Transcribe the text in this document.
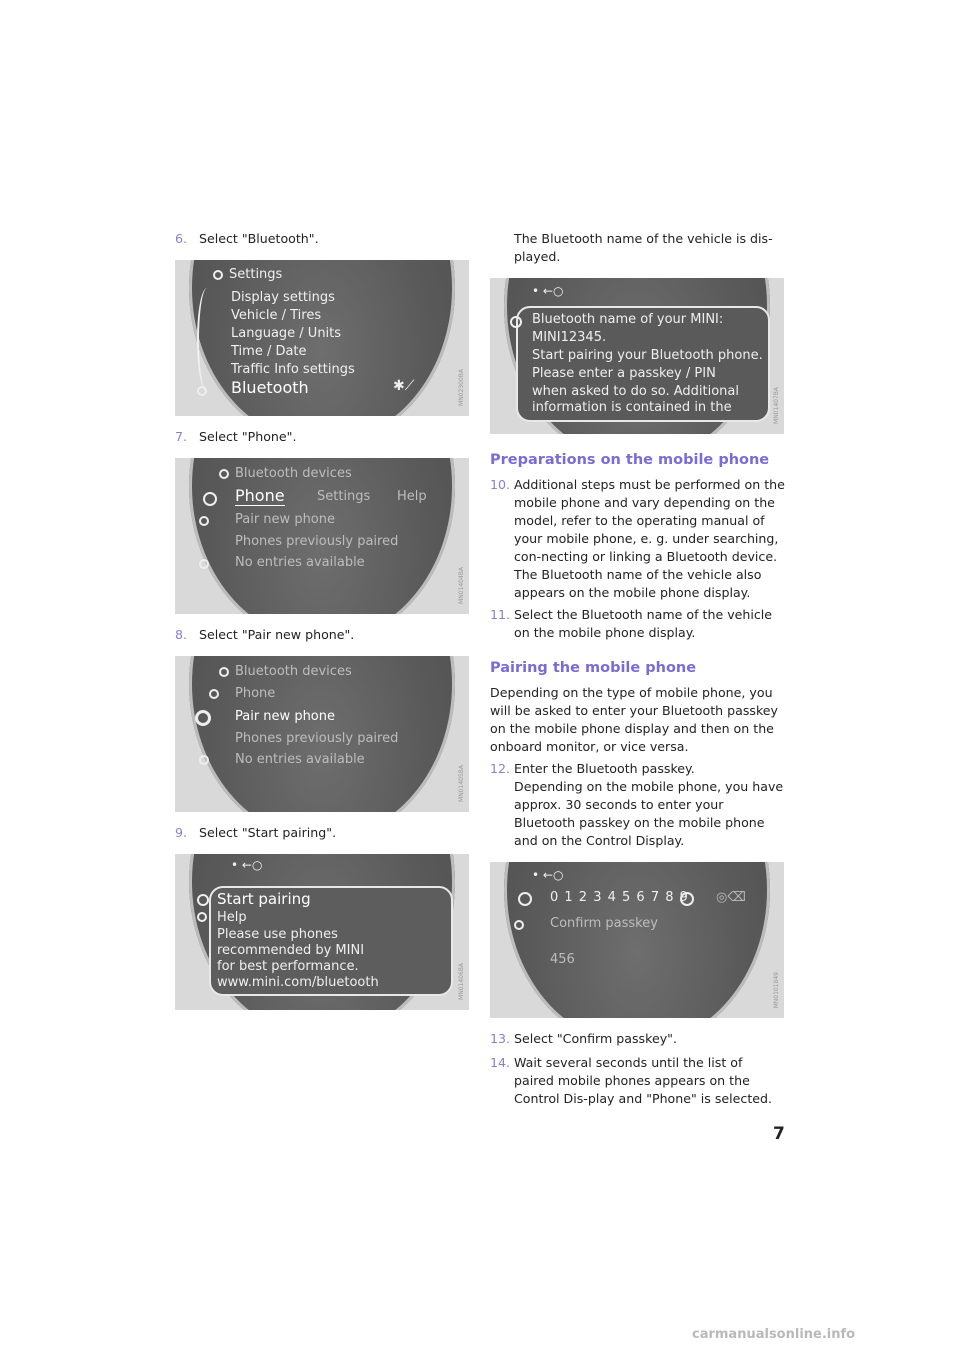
6. Select "Bluetooth".

Settings
Display settings
Vehicle / Tires
Language / Units
Time / Date
Traffic Info settings
Bluetooth	✱⟋	MN02300BA

7. Select "Phone".

Bluetooth devices
Phone Settings Help
Pair new phone
Phones previously paired
No entries available
MN01404BA

8. Select "Pair new phone".

Bluetooth devices
Phone
Pair new phone
Phones previously paired
No entries available
MN01405BA

9. Select "Start pairing".

• ←○
Start pairing
Help
Please use phones
recommended by MINI
for best performance.
www.mini.com/bluetooth	MN01406BA

The Bluetooth name of the vehicle is dis-played.

• ←○
Bluetooth name of your MINI:
MINI12345.
Start pairing your Bluetooth phone.
Please enter a passkey / PIN
when asked to do so. Additional
information is contained in the	MN01407BA

Preparations on the mobile phone

10. Additional steps must be performed on the mobile phone and vary depending on the model, refer to the operating manual of your mobile phone, e. g. under searching, con-necting or linking a Bluetooth device. The Bluetooth name of the vehicle also appears on the mobile phone display.

11. Select the Bluetooth name of the vehicle on the mobile phone display.

Pairing the mobile phone

Depending on the type of mobile phone, you will be asked to enter your Bluetooth passkey on the mobile phone display and then on the onboard monitor, or vice versa.

12. Enter the Bluetooth passkey.
Depending on the mobile phone, you have approx. 30 seconds to enter your Bluetooth passkey on the mobile phone and on the Control Display.

• ←○
0 1 2 3 4 5 6 7 8 9 ◎⌫
Confirm passkey
456
MN0101849

13. Select "Confirm passkey".

14. Wait several seconds until the list of paired mobile phones appears on the Control Dis-play and "Phone" is selected.

7
carmanualsonline.info
